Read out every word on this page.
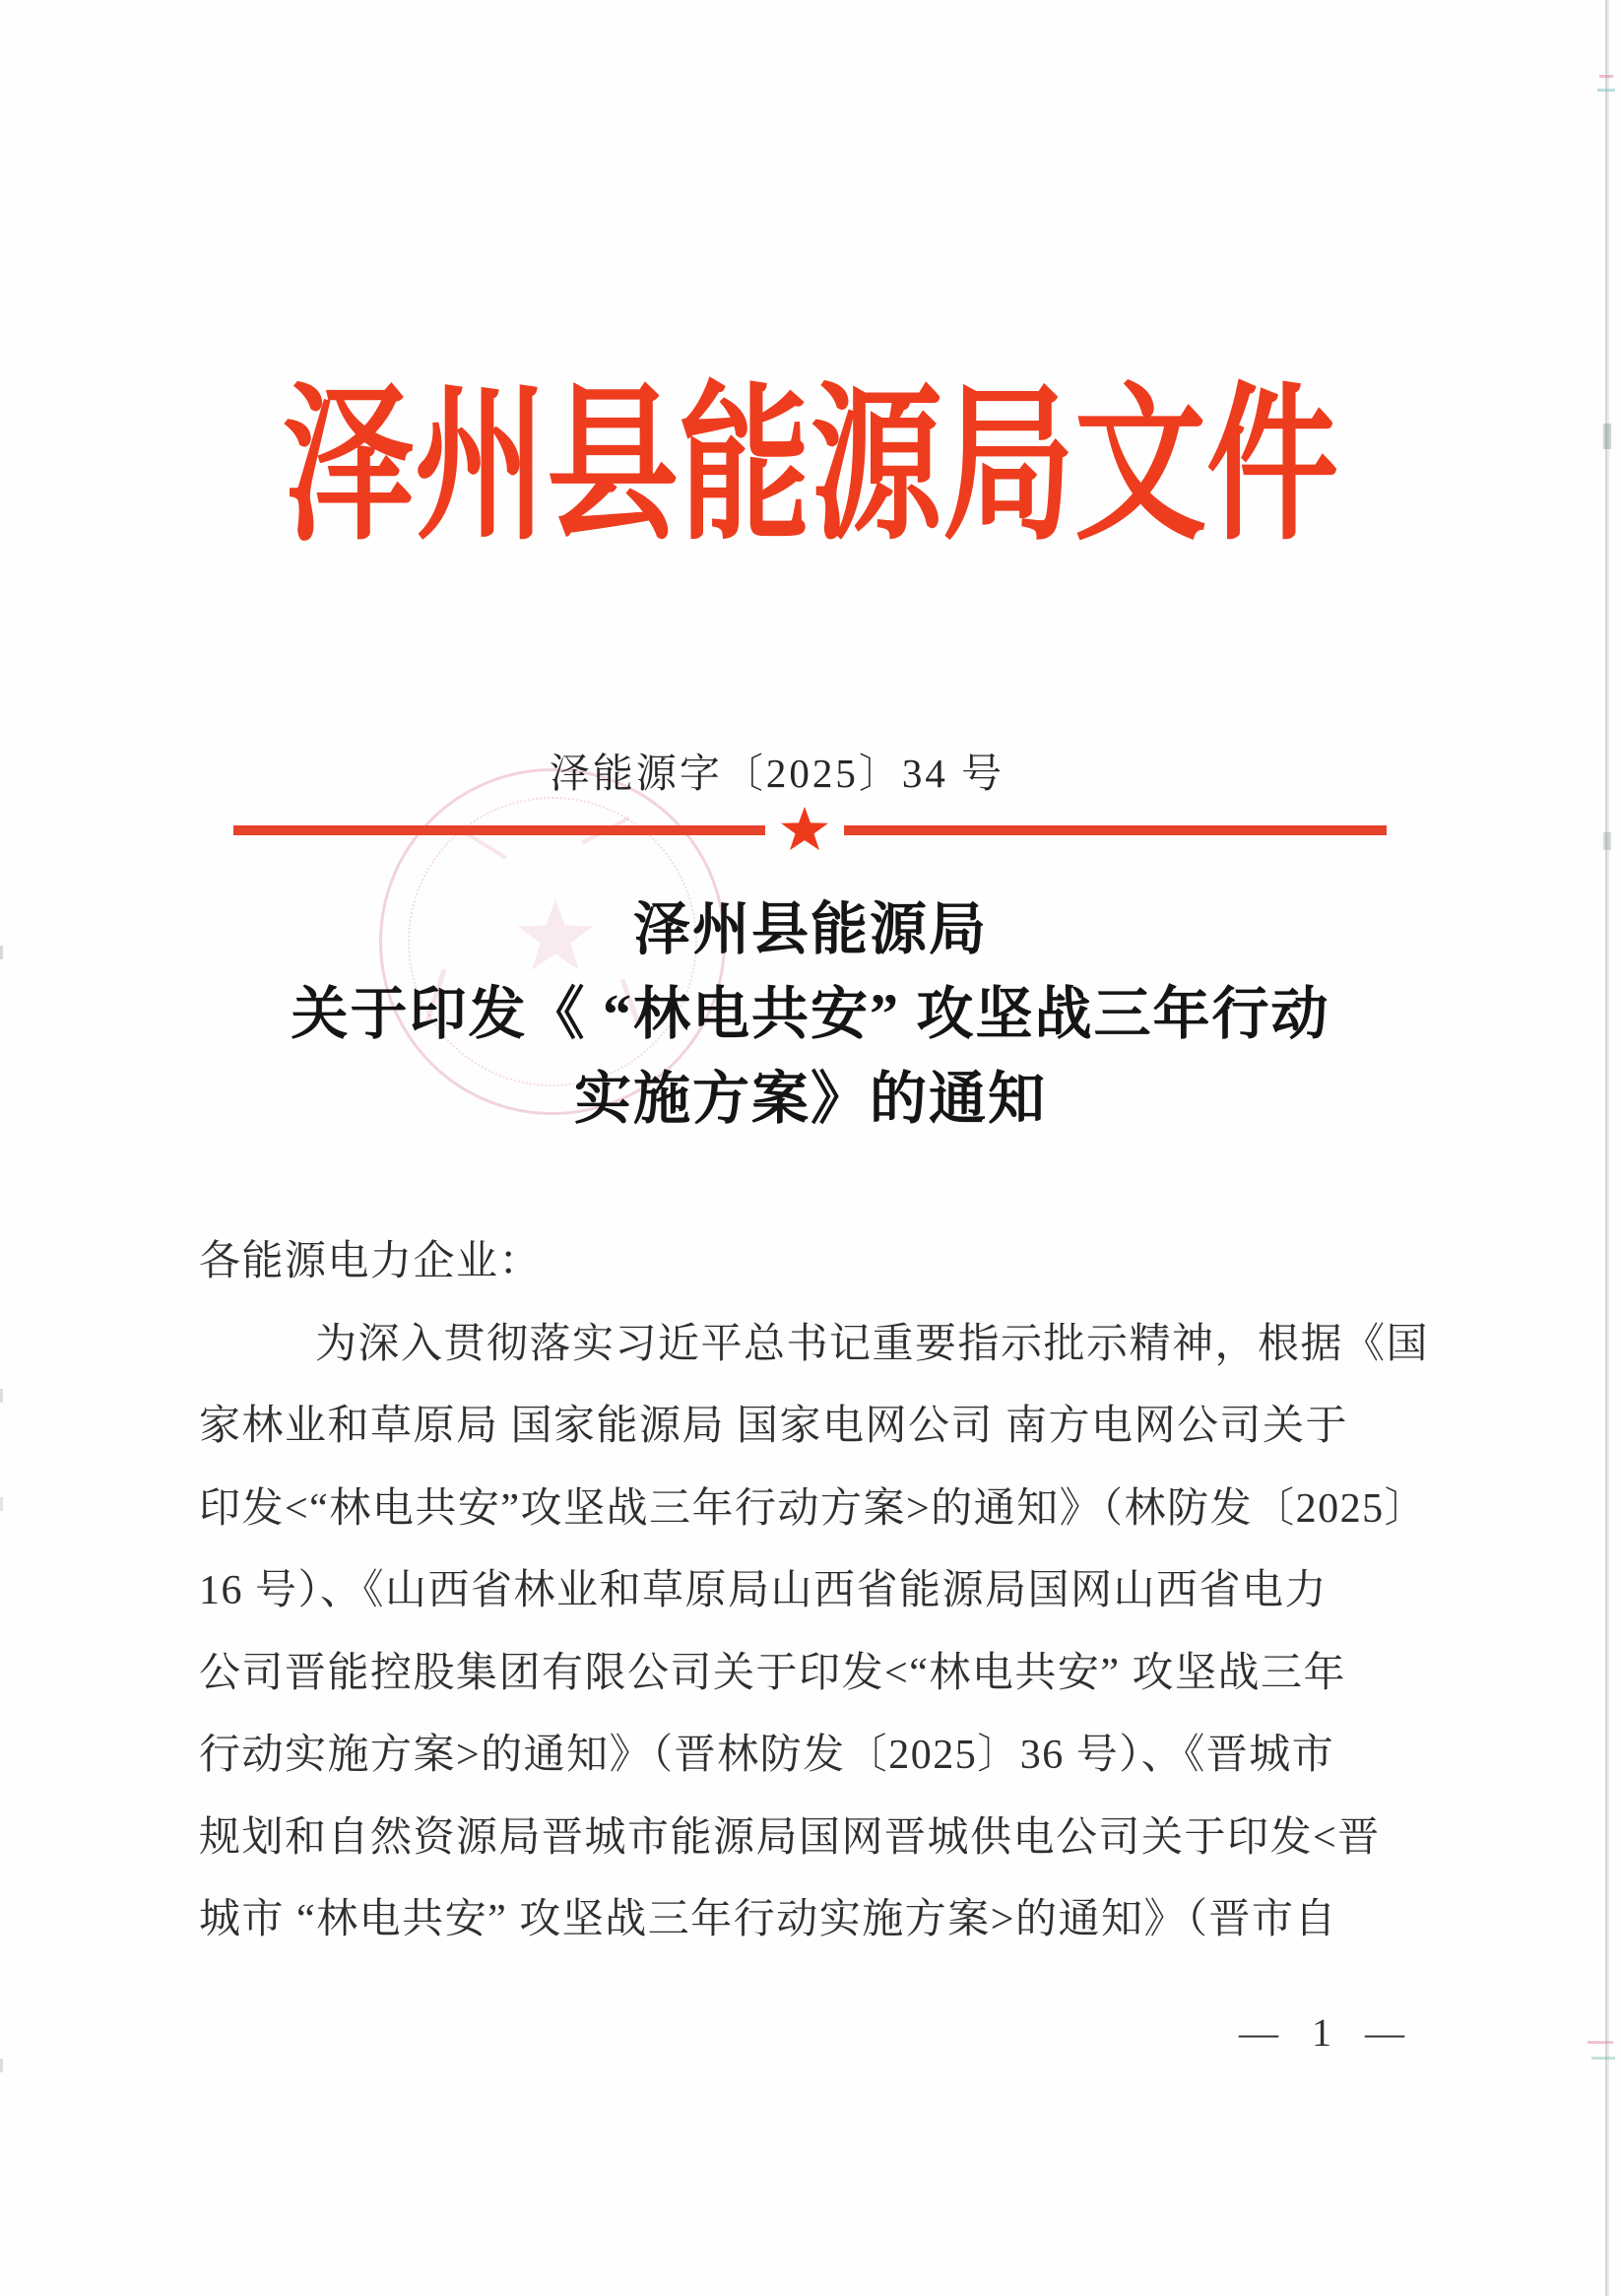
泽州县能源局文件
泽能源字〔2025〕34 号
泽州县能源局
关于印发《 “林电共安” 攻坚战三年行动
实施方案》的通知
各能源电力企业：
为深入贯彻落实习近平总书记重要指示批示精神，根据《国
家林业和草原局 国家能源局 国家电网公司 南方电网公司关于
印发<“林电共安”攻坚战三年行动方案>的通知》（林防发〔2025〕
16 号）、《山西省林业和草原局山西省能源局国网山西省电力
公司晋能控股集团有限公司关于印发<“林电共安” 攻坚战三年
行动实施方案>的通知》（晋林防发〔2025〕36 号）、《晋城市
规划和自然资源局晋城市能源局国网晋城供电公司关于印发<晋
城市 “林电共安” 攻坚战三年行动实施方案>的通知》（晋市自
— 1 —
